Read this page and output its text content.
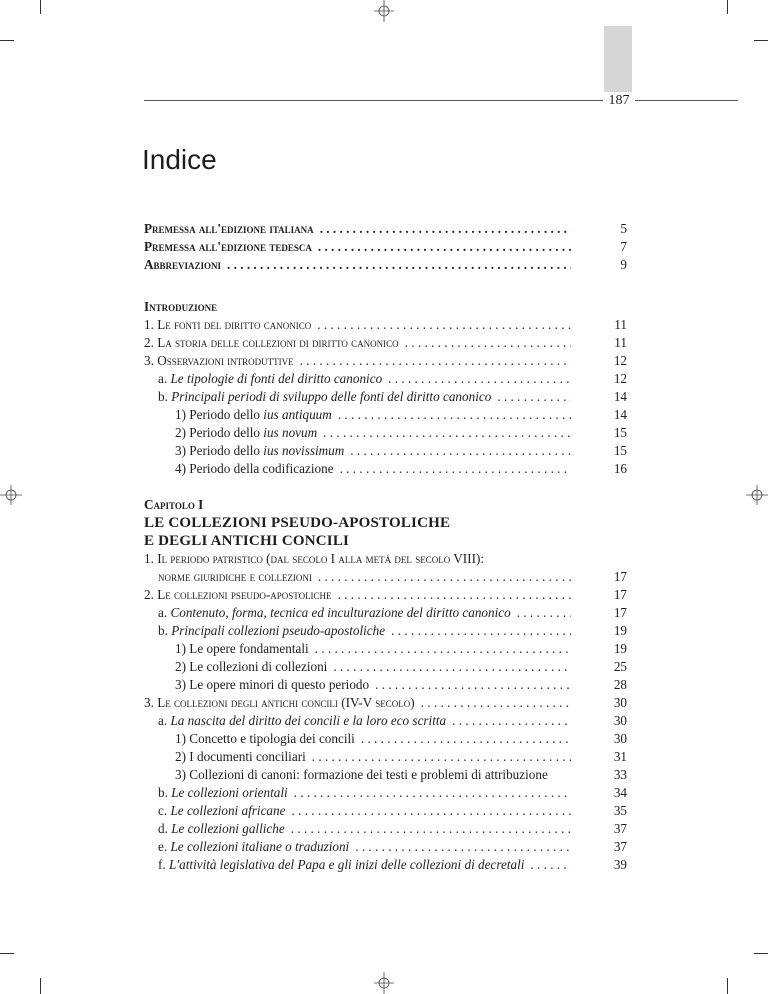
187
Indice
Premessa all'edizione italiana . . .	5
Premessa all'edizione tedesca . . .	7
Abbreviazioni . . .	9
Introduzione
1. Le fonti del diritto canonico . . .	11
2. La storia delle collezioni di diritto canonico . . .	11
3. Osservazioni introduttive . . .	12
a. Le tipologie di fonti del diritto canonico . . .	12
b. Principali periodi di sviluppo delle fonti del diritto canonico . . .	14
1) Periodo dello ius antiquum . . .	14
2) Periodo dello ius novum . . .	15
3) Periodo dello ius novissimum . . .	15
4) Periodo della codificazione . . .	16
Capitolo I
LE COLLEZIONI PSEUDO-APOSTOLICHE
E DEGLI ANTICHI CONCILI
1. Il periodo patristico (dal secolo I alla metà del secolo VIII):
norme giuridiche e collezioni . . .	17
2. Le collezioni pseudo-apostoliche . . .	17
a. Contenuto, forma, tecnica ed inculturazione del diritto canonico . . .	17
b. Principali collezioni pseudo-apostoliche . . .	19
1) Le opere fondamentali . . .	19
2) Le collezioni di collezioni . . .	25
3) Le opere minori di questo periodo . . .	28
3. Le collezioni degli antichi concili (IV-V secolo) . . .	30
a. La nascita del diritto dei concili e la loro eco scritta . . .	30
1) Concetto e tipologia dei concili . . .	30
2) I documenti conciliari . . .	31
3) Collezioni di canoni: formazione dei testi e problemi di attribuzione	33
b. Le collezioni orientali . . .	34
c. Le collezioni africane . . .	35
d. Le collezioni galliche . . .	37
e. Le collezioni italiane o traduzioni . . .	37
f. L'attività legislativa del Papa e gli inizi delle collezioni di decretali . . .	39
